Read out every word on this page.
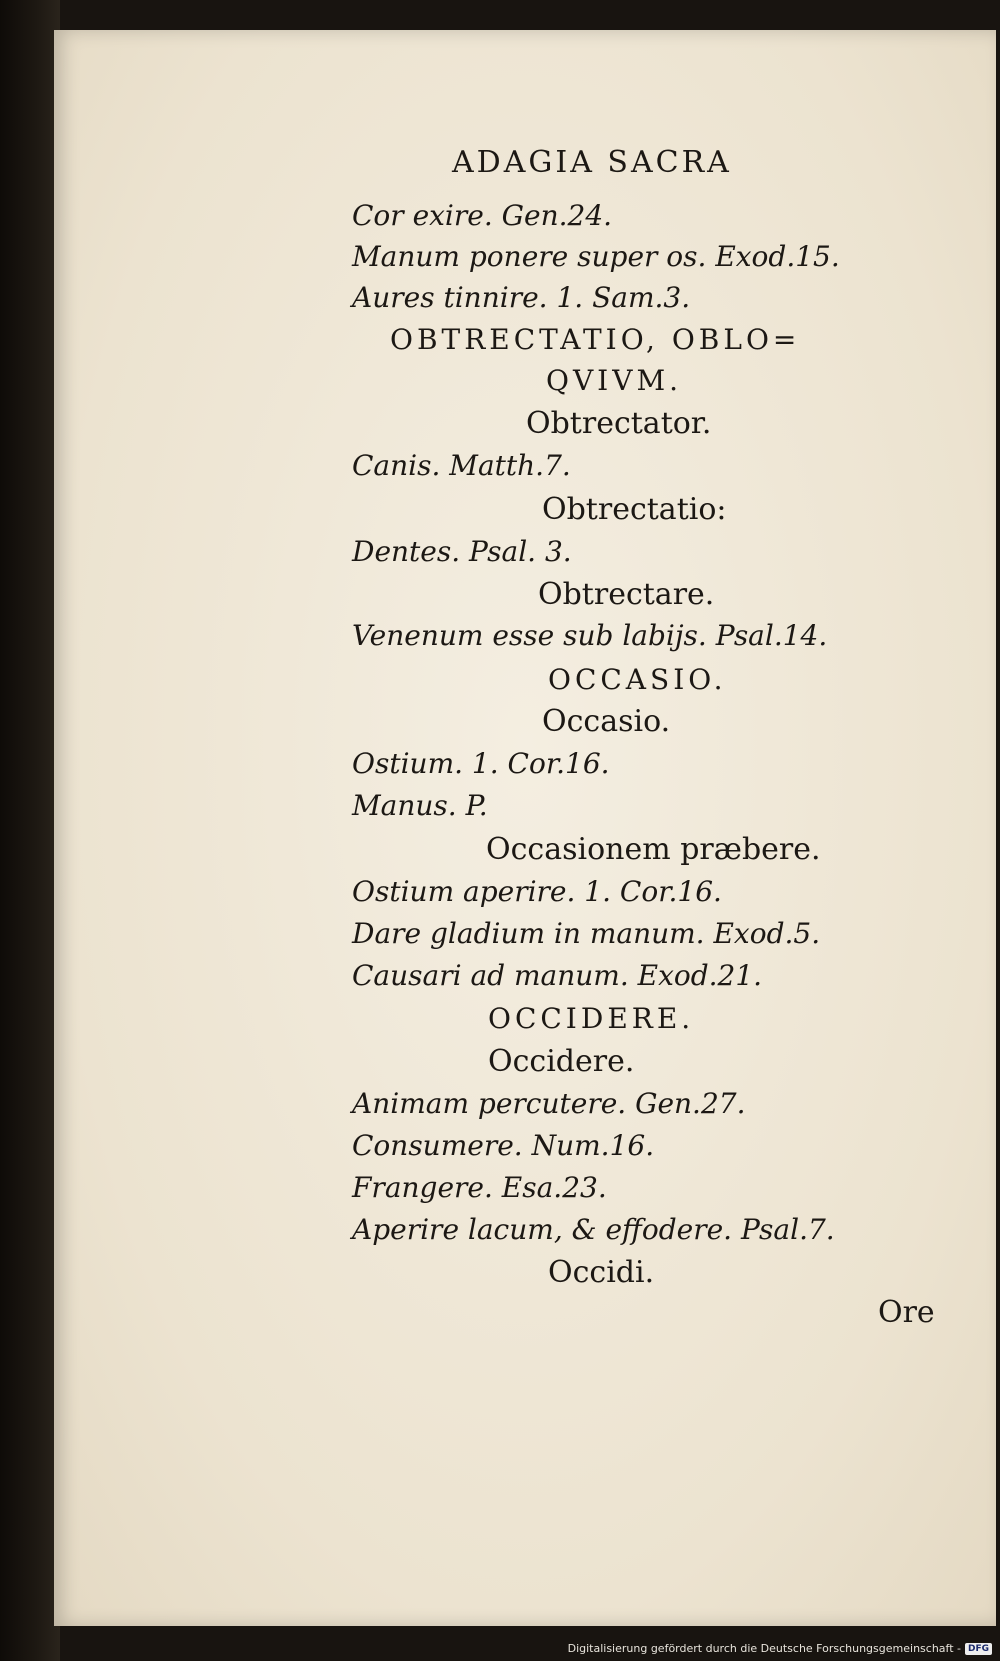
ADAGIA SACRA
Cor exire. Gen.24.
Manum ponere super os. Exod.15.
Aures tinnire. 1. Sam.3.
OBTRECTATIO, OBLO=
QVIVM.
Obtrectator.
Canis. Matth.7.
Obtrectatio:
Dentes. Psal. 3.
Obtrectare.
Venenum esse sub labijs. Psal.14.
OCCASIO.
Occasio.
Ostium. 1. Cor.16.
Manus. P.
Occasionem præbere.
Ostium aperire. 1. Cor.16.
Dare gladium in manum. Exod.5.
Causari ad manum. Exod.21.
OCCIDERE.
Occidere.
Animam percutere. Gen.27.
Consumere. Num.16.
Frangere. Esa.23.
Aperire lacum, & effodere. Psal.7.
Occidi.
Ore
Digitalisierung gefördert durch die Deutsche Forschungsgemeinschaft - DFG
